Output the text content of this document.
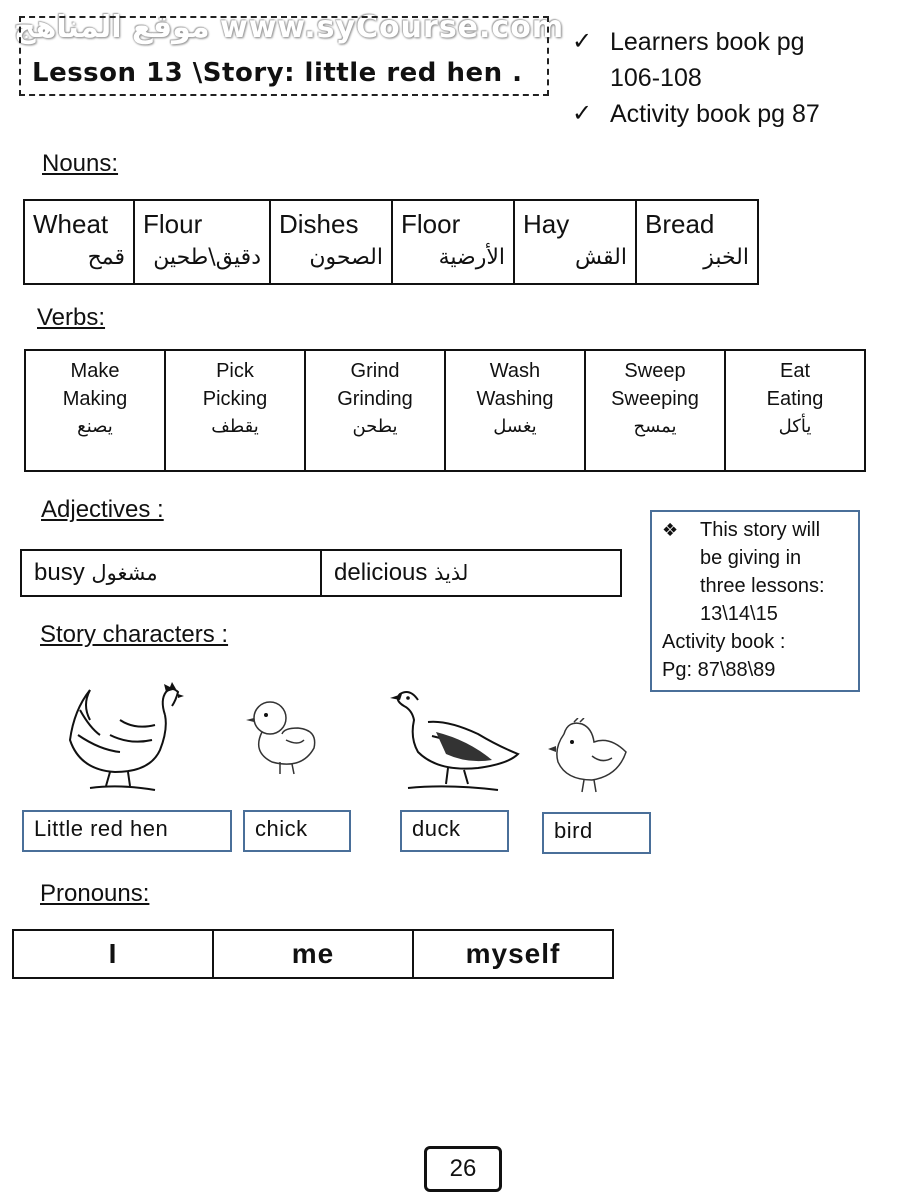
موقع المناهج www.syCourse.com
Lesson 13 \Story: little red hen .
✓ Learners book pg
106-108
✓ Activity book pg 87
Nouns:
Wheat
قمح
	Flour
دقيق\طحين
	Dishes
الصحون
	Floor
الأرضية
	Hay
القش
	Bread
الخبز
Verbs:
Make
Making
يصنع

Pick
Picking
يقطف

Grind
Grinding
يطحن

Wash
Washing
يغسل

Sweep
Sweeping
يمسح

Eat
Eating
يأكل
Adjectives :
busy مشغول	delicious لذيذ
❖	This story will
be giving in
three lessons:
13\14\15
Activity book :
Pg: 87\88\89
Story characters :
Little red hen	chick	duck	bird
Pronouns:
I	me	myself
26
